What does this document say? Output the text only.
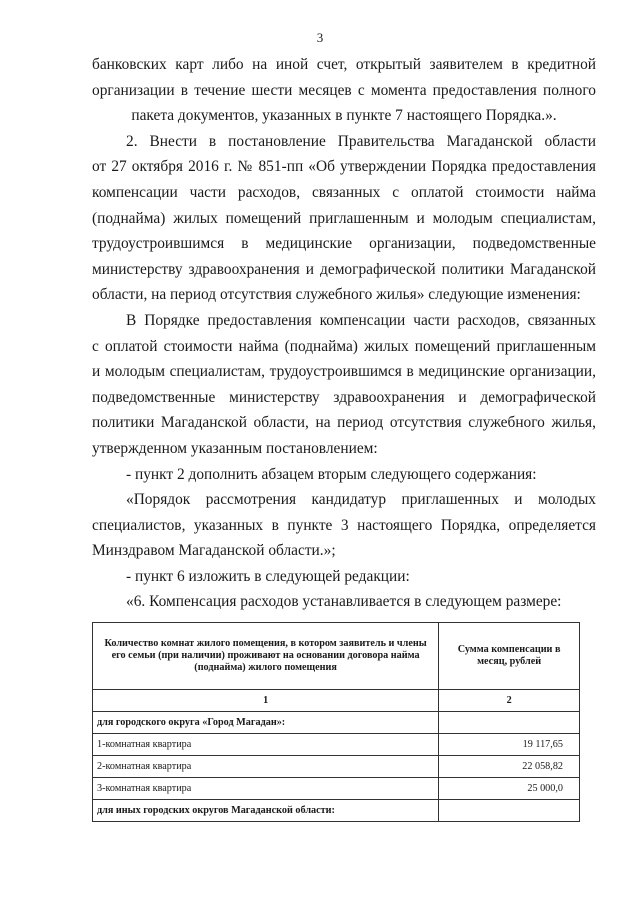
3

банковских карт либо на иной счет, открытый заявителем в кредитной

организации в течение шести месяцев с момента предоставления полного

пакета документов, указанных в пункте 7 настоящего Порядка.».

2. Внести в постановление Правительства Магаданской области

от 27 октября 2016 г. № 851-пп «Об утверждении Порядка предоставления

компенсации части расходов, связанных с оплатой стоимости найма

(поднайма) жилых помещений приглашенным и молодым специалистам,

трудоустроившимся в медицинские организации, подведомственные

министерству здравоохранения и демографической политики Магаданской

области, на период отсутствия служебного жилья» следующие изменения:

В Порядке предоставления компенсации части расходов, связанных

с оплатой стоимости найма (поднайма) жилых помещений приглашенным

и молодым специалистам, трудоустроившимся в медицинские организации,

подведомственные министерству здравоохранения и демографической

политики Магаданской области, на период отсутствия служебного жилья,

утвержденном указанным постановлением:

- пункт 2 дополнить абзацем вторым следующего содержания:

«Порядок рассмотрения кандидатур приглашенных и молодых

специалистов, указанных в пункте 3 настоящего Порядка, определяется

Минздравом Магаданской области.»;

- пункт 6 изложить в следующей редакции:

«6. Компенсация расходов устанавливается в следующем размере:

Количество комнат жилого помещения, в котором заявитель и члены его семьи (при наличии) проживают на основании договора найма (поднайма) жилого помещения	Сумма компенсации в месяц, рублей
1	2
для городского округа «Город Магадан»:	
1-комнатная квартира	19 117,65
2-комнатная квартира	22 058,82
3-комнатная квартира	25 000,0
для иных городских округов Магаданской области:	
